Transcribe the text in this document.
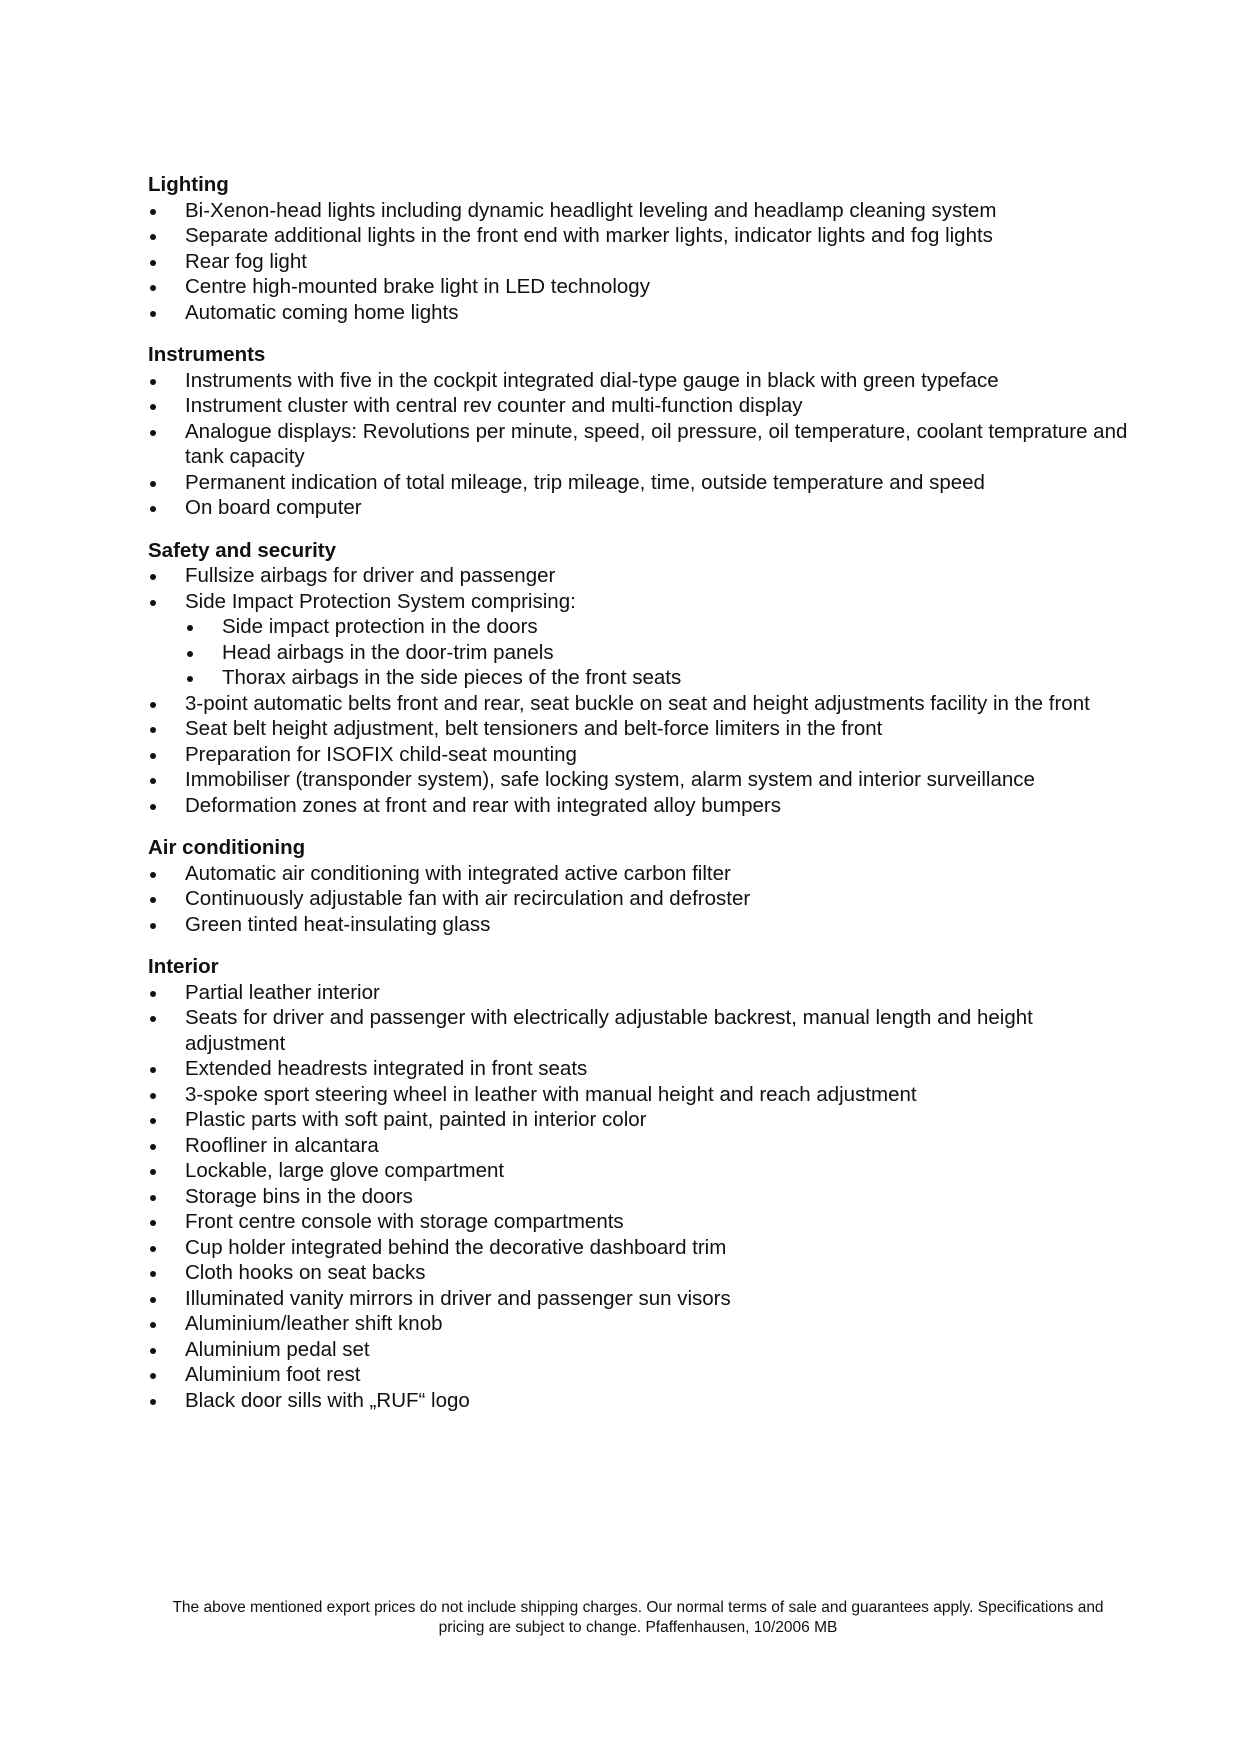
Lighting

Bi-Xenon-head lights including dynamic headlight leveling and headlamp cleaning system
Separate additional lights in the front end with marker lights, indicator lights and fog lights
Rear fog light
Centre high-mounted brake light in LED technology
Automatic coming home lights

Instruments

Instruments with five in the cockpit integrated dial-type gauge in black with green typeface
Instrument cluster with central rev counter and multi-function display
Analogue displays: Revolutions per minute, speed, oil pressure, oil temperature, coolant temprature and tank capacity
Permanent indication of total mileage, trip mileage, time, outside temperature and speed
On board computer

Safety and security

Fullsize airbags for driver and passenger
Side Impact Protection System comprising:
Side impact protection in the doors
Head airbags in the door-trim panels
Thorax airbags in the side pieces of the front seats
3-point automatic belts front and rear, seat buckle on seat and height adjustments facility in the front
Seat belt height adjustment, belt tensioners and belt-force limiters in the front
Preparation for ISOFIX child-seat mounting
Immobiliser (transponder system), safe locking system, alarm system and interior surveillance
Deformation zones at front and rear with integrated alloy bumpers

Air conditioning

Automatic air conditioning with integrated active carbon filter
Continuously adjustable fan with air recirculation and defroster
Green tinted heat-insulating glass

Interior

Partial leather interior
Seats for driver and passenger with electrically adjustable backrest, manual length and height adjustment
Extended headrests integrated in front seats
3-spoke sport steering wheel in leather with manual height and reach adjustment
Plastic parts with soft paint, painted in interior color
Roofliner in alcantara
Lockable, large glove compartment
Storage bins in the doors
Front centre console with storage compartments
Cup holder integrated behind the decorative dashboard trim
Cloth hooks on seat backs
Illuminated vanity mirrors in driver and passenger sun visors
Aluminium/leather shift knob
Aluminium pedal set
Aluminium foot rest
Black door sills with „RUF“ logo
The above mentioned export prices do not include shipping charges. Our normal terms of sale and guarantees apply. Specifications and pricing are subject to change. Pfaffenhausen, 10/2006 MB
